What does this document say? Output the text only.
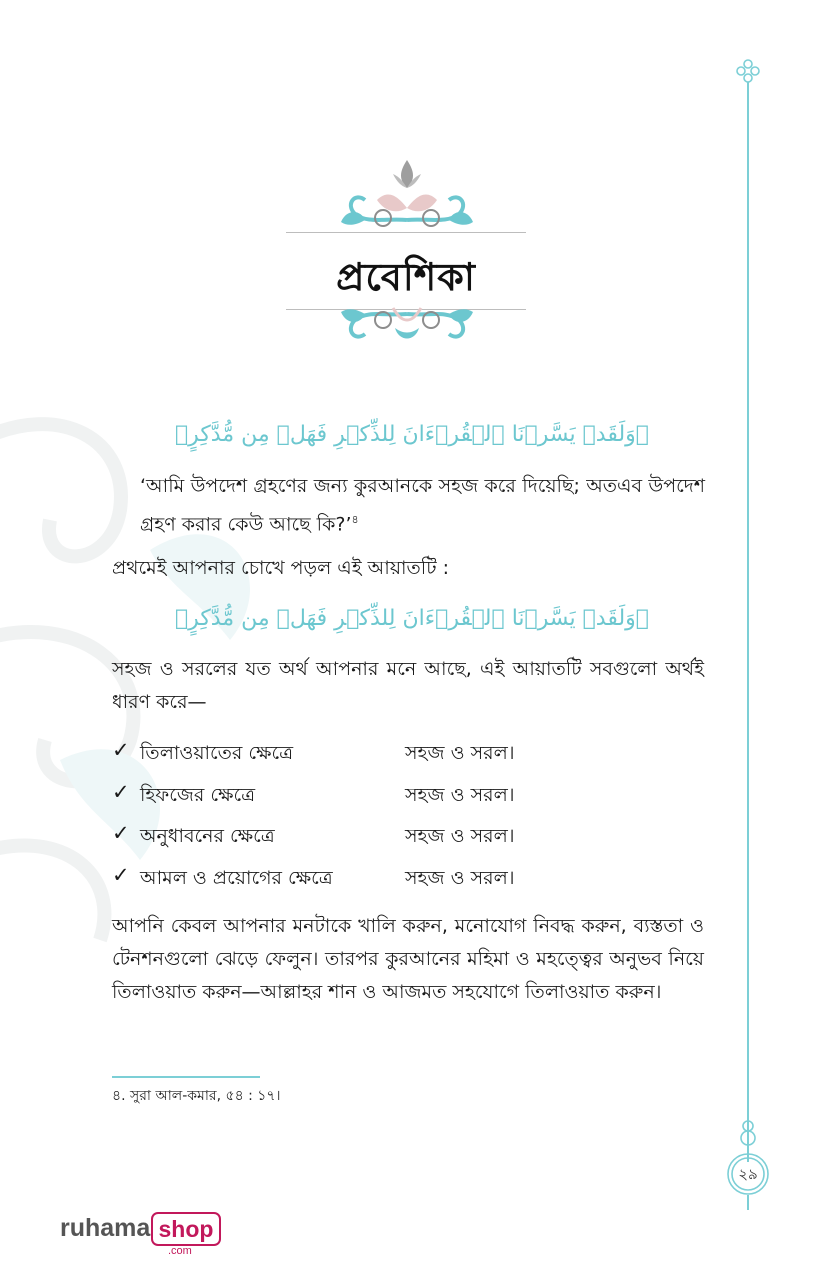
২৯
প্রবেশিকা
﴿وَلَقَدۡ يَسَّرۡنَا ٱلۡقُرۡءَانَ لِلذِّكۡرِ فَهَلۡ مِن مُّدَّكِرٍ﴾
‘আমি উপদেশ গ্রহণের জন্য কুরআনকে সহজ করে দিয়েছি; অতএব উপদেশ গ্রহণ করার কেউ আছে কি?’$^৪$
প্রথমেই আপনার চোখে পড়ল এই আয়াতটি :
﴿وَلَقَدۡ يَسَّرۡنَا ٱلۡقُرۡءَانَ لِلذِّكۡرِ فَهَلۡ مِن مُّدَّكِرٍ﴾
সহজ ও সরলের যত অর্থ আপনার মনে আছে, এই আয়াতটি সবগুলো অর্থই ধারণ করে—
✓ তিলাওয়াতের ক্ষেত্রে	সহজ ও সরল।
✓ হিফজের ক্ষেত্রে	সহজ ও সরল।
✓ অনুধাবনের ক্ষেত্রে	সহজ ও সরল।
✓ আমল ও প্রয়োগের ক্ষেত্রে	সহজ ও সরল।
আপনি কেবল আপনার মনটাকে খালি করুন, মনোযোগ নিবদ্ধ করুন, ব্যস্ততা ও টেনশনগুলো ঝেড়ে ফেলুন। তারপর কুরআনের মহিমা ও মহত্ত্বের অনুভব নিয়ে তিলাওয়াত করুন—আল্লাহর শান ও আজমত সহযোগে তিলাওয়াত করুন।
৪. সুরা আল-কমার, ৫৪ : ১৭।
ruhama shop
.com
